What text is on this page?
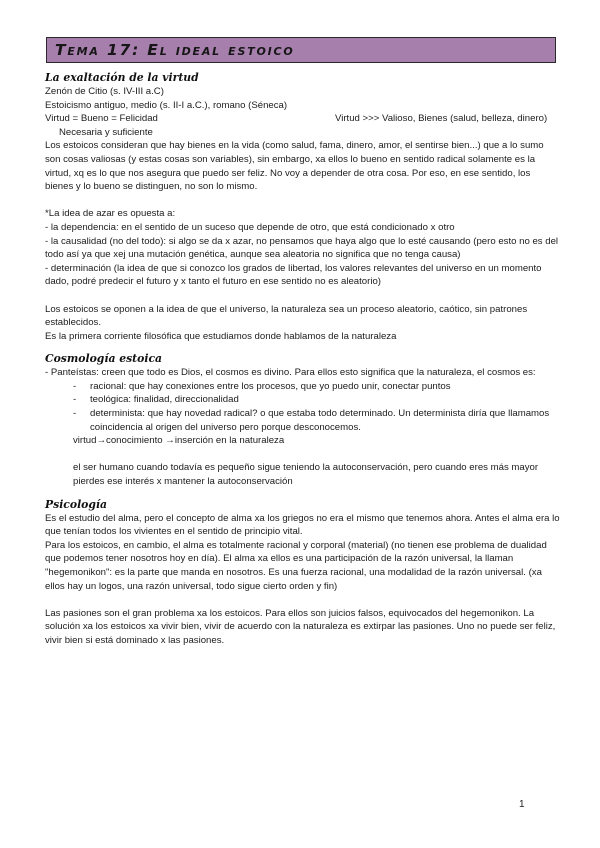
Tema 17: El ideal estoico

La exaltación de la virtud

Zenón de Citio (s. IV-III a.C)
Estoicismo antiguo, medio (s. II-I a.C.), romano (Séneca)
Virtud = Bueno = Felicidad	Virtud >>> Valioso, Bienes (salud, belleza, dinero)
Necesaria y suficiente

Los estoicos consideran que hay bienes en la vida (como salud, fama, dinero, amor, el sentirse bien...) que a lo sumo son cosas valiosas (y estas cosas son variables), sin embargo, xa ellos lo bueno en sentido radical solamente es la virtud, xq es lo que nos asegura que puedo ser feliz. No voy a depender de otra cosa. Por eso, en ese sentido, los bienes y lo bueno se distinguen, no son lo mismo.

*La idea de azar es opuesta a:

- la dependencia: en el sentido de un suceso que depende de otro, que está condicionado x otro

- la causalidad (no del todo): si algo se da x azar, no pensamos que haya algo que lo esté causando (pero esto no es del todo así ya que xej una mutación genética, aunque sea aleatoria no significa que no tenga causa)

- determinación (la idea de que si conozco los grados de libertad, los valores relevantes del universo en un momento dado, podré predecir el futuro y x tanto el futuro en ese sentido no es aleatorio)

Los estoicos se oponen a la idea de que el universo, la naturaleza sea un proceso aleatorio, caótico, sin patrones establecidos.

Es la primera corriente filosófica que estudiamos donde hablamos de la naturaleza

Cosmología estoica

- Panteístas: creen que todo es Dios, el cosmos es divino. Para ellos esto significa que la naturaleza, el cosmos es:

- racional: que hay conexiones entre los procesos, que yo puedo unir, conectar puntos
- teológica: finalidad, direccionalidad
- determinista: que hay novedad radical? o que estaba todo determinado. Un determinista diría que llamamos coincidencia al origen del universo pero porque desconocemos.
virtud→conocimiento →inserción en la naturaleza

el ser humano cuando todavía es pequeño sigue teniendo la autoconservación, pero cuando eres más mayor pierdes ese interés x mantener la autoconservación

Psicología

Es el estudio del alma, pero el concepto de alma xa los griegos no era el mismo que tenemos ahora. Antes el alma era lo que tenían todos los vivientes en el sentido de principio vital.

Para los estoicos, en cambio, el alma es totalmente racional y corporal (material) (no tienen ese problema de dualidad que podemos tener nosotros hoy en día). El alma xa ellos es una participación de la razón universal, la llaman "hegemonikon": es la parte que manda en nosotros. Es una fuerza racional, una modalidad de la razón universal. (xa ellos hay un logos, una razón universal, todo sigue cierto orden y fin)

Las pasiones son el gran problema xa los estoicos. Para ellos son juicios falsos, equivocados del hegemonikon. La solución xa los estoicos xa vivir bien, vivir de acuerdo con la naturaleza es extirpar las pasiones. Uno no puede ser feliz, vivir bien si está dominado x las pasiones.

1
